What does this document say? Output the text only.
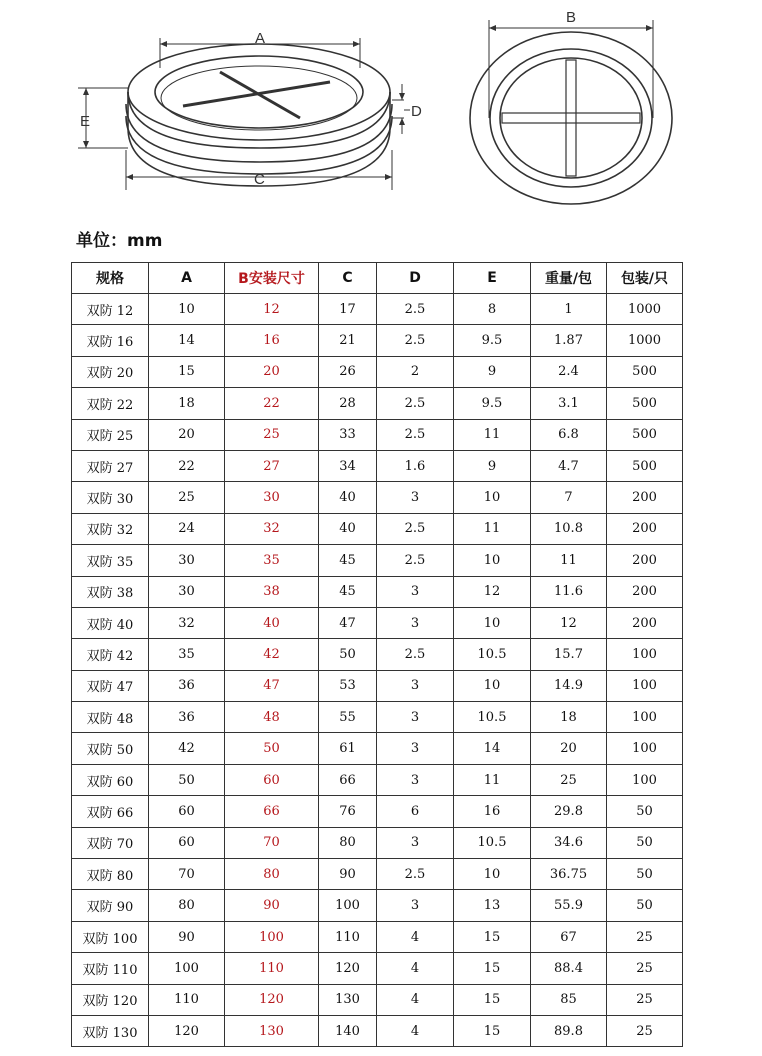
A
C
E
D
B
单位：mm
规格	A	B安装尺寸	C	D	E	重量/包	包装/只
双防 12	10	12	17	2.5	8	1	1000
双防 16	14	16	21	2.5	9.5	1.87	1000
双防 20	15	20	26	2	9	2.4	500
双防 22	18	22	28	2.5	9.5	3.1	500
双防 25	20	25	33	2.5	11	6.8	500
双防 27	22	27	34	1.6	9	4.7	500
双防 30	25	30	40	3	10	7	200
双防 32	24	32	40	2.5	11	10.8	200
双防 35	30	35	45	2.5	10	11	200
双防 38	30	38	45	3	12	11.6	200
双防 40	32	40	47	3	10	12	200
双防 42	35	42	50	2.5	10.5	15.7	100
双防 47	36	47	53	3	10	14.9	100
双防 48	36	48	55	3	10.5	18	100
双防 50	42	50	61	3	14	20	100
双防 60	50	60	66	3	11	25	100
双防 66	60	66	76	6	16	29.8	50
双防 70	60	70	80	3	10.5	34.6	50
双防 80	70	80	90	2.5	10	36.75	50
双防 90	80	90	100	3	13	55.9	50
双防 100	90	100	110	4	15	67	25
双防 110	100	110	120	4	15	88.4	25
双防 120	110	120	130	4	15	85	25
双防 130	120	130	140	4	15	89.8	25
